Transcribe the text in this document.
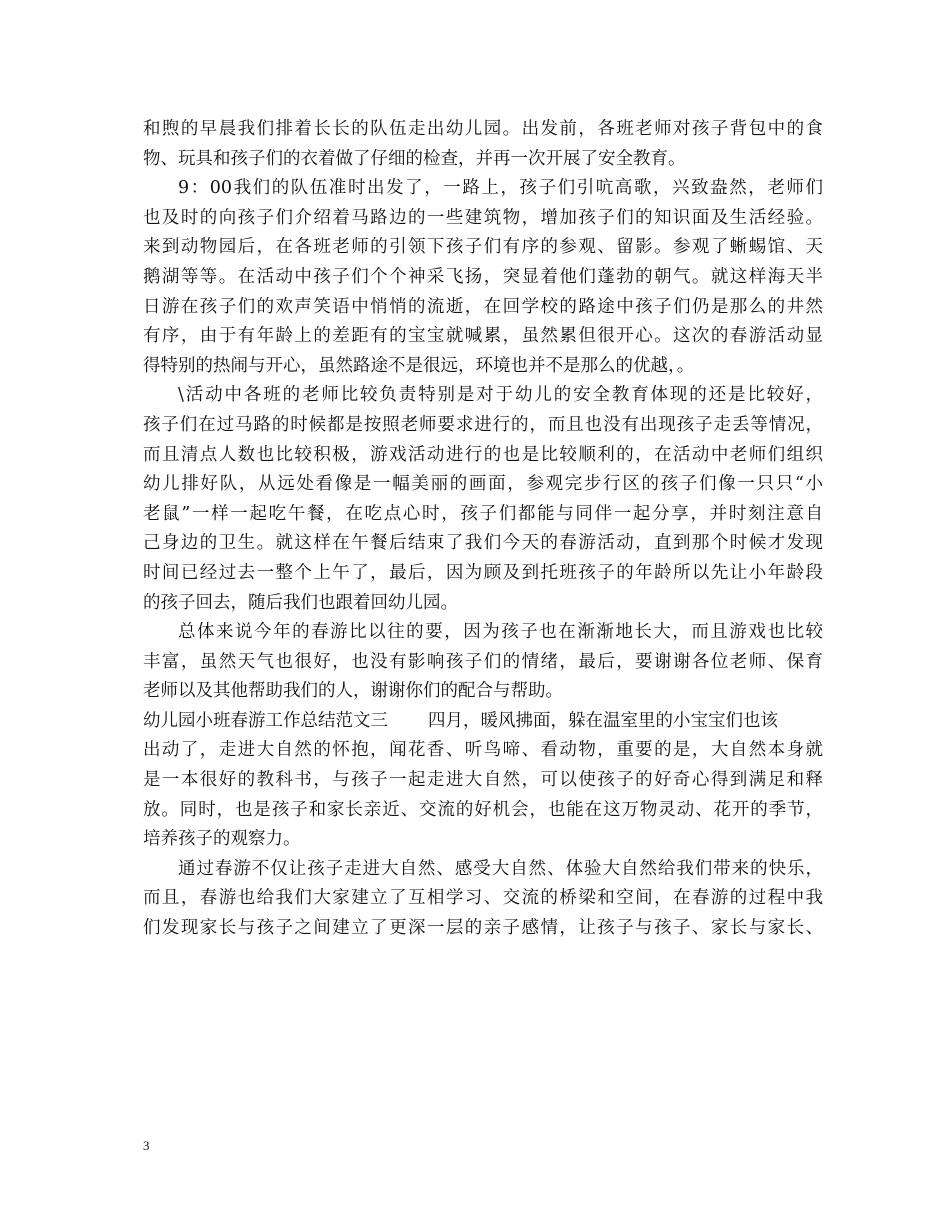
和煦的早晨我们排着长长的队伍走出幼儿园。出发前，各班老师对孩子背包中的食
物、玩具和孩子们的衣着做了仔细的检查，并再一次开展了安全教育。
9：00我们的队伍准时出发了，一路上，孩子们引吭高歌，兴致盎然，老师们
也及时的向孩子们介绍着马路边的一些建筑物，增加孩子们的知识面及生活经验。
来到动物园后，在各班老师的引领下孩子们有序的参观、留影。参观了蜥蜴馆、天
鹅湖等等。在活动中孩子们个个神采飞扬，突显着他们蓬勃的朝气。就这样海天半
日游在孩子们的欢声笑语中悄悄的流逝，在回学校的路途中孩子们仍是那么的井然
有序，由于有年龄上的差距有的宝宝就喊累，虽然累但很开心。这次的春游活动显
得特别的热闹与开心，虽然路途不是很远，环境也并不是那么的优越，。
\活动中各班的老师比较负责特别是对于幼儿的安全教育体现的还是比较好，
孩子们在过马路的时候都是按照老师要求进行的，而且也没有出现孩子走丢等情况，
而且清点人数也比较积极，游戏活动进行的也是比较顺利的，在活动中老师们组织
幼儿排好队，从远处看像是一幅美丽的画面，参观完步行区的孩子们像一只只“小
老鼠”一样一起吃午餐，在吃点心时，孩子们都能与同伴一起分享，并时刻注意自
己身边的卫生。就这样在午餐后结束了我们今天的春游活动，直到那个时候才发现
时间已经过去一整个上午了，最后，因为顾及到托班孩子的年龄所以先让小年龄段
的孩子回去，随后我们也跟着回幼儿园。
总体来说今年的春游比以往的要，因为孩子也在渐渐地长大，而且游戏也比较
丰富，虽然天气也很好，也没有影响孩子们的情绪，最后，要谢谢各位老师、保育
老师以及其他帮助我们的人，谢谢你们的配合与帮助。
幼儿园小班春游工作总结范文三 四月，暖风拂面，躲在温室里的小宝宝们也该
出动了，走进大自然的怀抱，闻花香、听鸟啼、看动物，重要的是，大自然本身就
是一本很好的教科书，与孩子一起走进大自然，可以使孩子的好奇心得到满足和释
放。同时，也是孩子和家长亲近、交流的好机会，也能在这万物灵动、花开的季节，
培养孩子的观察力。
通过春游不仅让孩子走进大自然、感受大自然、体验大自然给我们带来的快乐，
而且，春游也给我们大家建立了互相学习、交流的桥梁和空间，在春游的过程中我
们发现家长与孩子之间建立了更深一层的亲子感情，让孩子与孩子、家长与家长、
3
